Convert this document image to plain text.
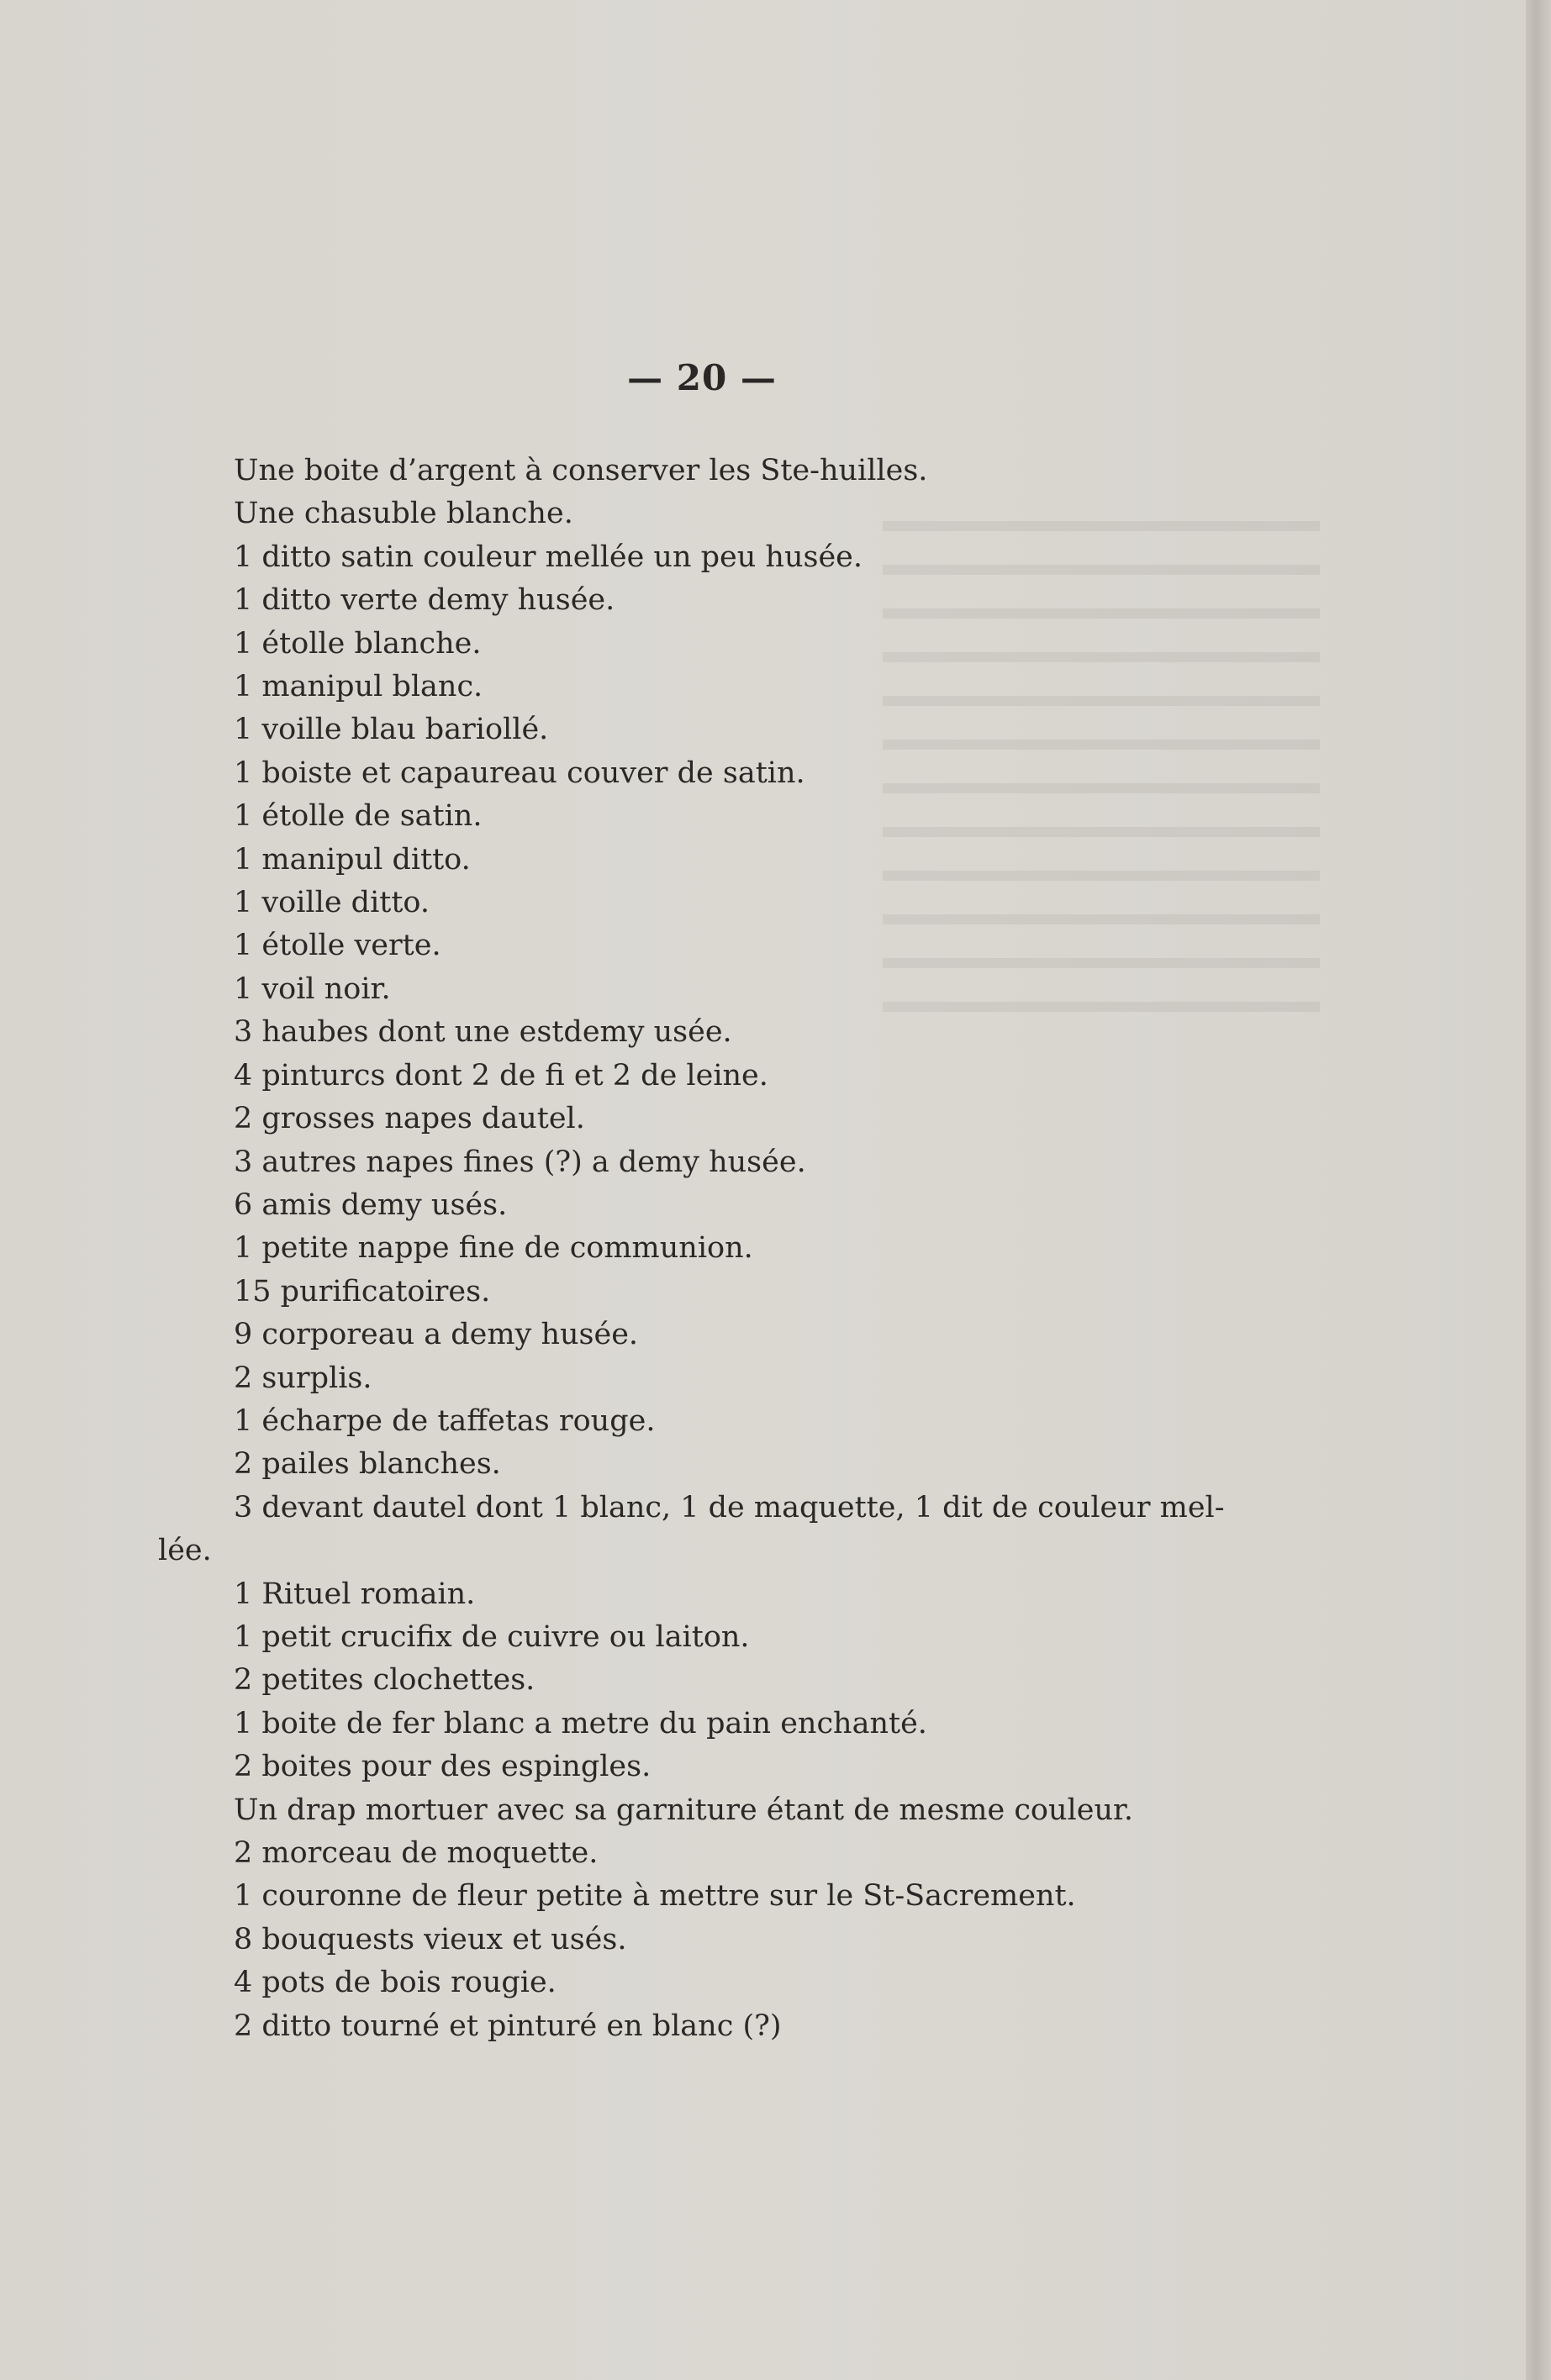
— 20 —
Une boite d’argent à conserver les Ste-huilles.
Une chasuble blanche.
1 ditto satin couleur mellée un peu husée.
1 ditto verte demy husée.
1 étolle blanche.
1 manipul blanc.
1 voille blau bariollé.
1 boiste et capaureau couver de satin.
1 étolle de satin.
1 manipul ditto.
1 voille ditto.
1 étolle verte.
1 voil noir.
3 haubes dont une estdemy usée.
4 pinturcs dont 2 de fi et 2 de leine.
2 grosses napes dautel.
3 autres napes fines (?) a demy husée.
6 amis demy usés.
1 petite nappe fine de communion.
15 purificatoires.
9 corporeau a demy husée.
2 surplis.
1 écharpe de taffetas rouge.
2 pailes blanches.
3 devant dautel dont 1 blanc, 1 de maquette, 1 dit de couleur mel-
lée.
1 Rituel romain.
1 petit crucifix de cuivre ou laiton.
2 petites clochettes.
1 boite de fer blanc a metre du pain enchanté.
2 boites pour des espingles.
Un drap mortuer avec sa garniture étant de mesme couleur.
2 morceau de moquette.
1 couronne de fleur petite à mettre sur le St-Sacrement.
8 bouquests vieux et usés.
4 pots de bois rougie.
2 ditto tourné et pinturé en blanc (?)
